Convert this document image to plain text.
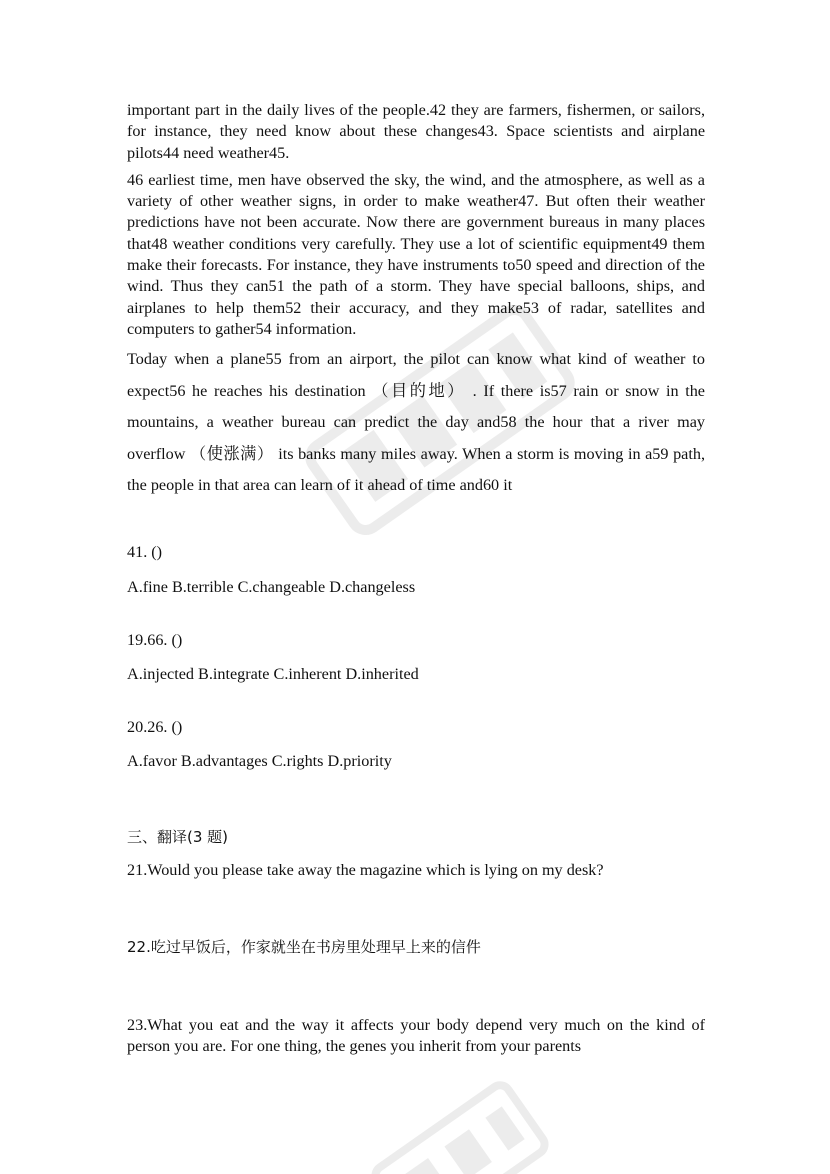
important part in the daily lives of the people.42 they are farmers, fishermen, or sailors, for instance, they need know about these changes43. Space scientists and airplane pilots44 need weather45.

46 earliest time, men have observed the sky, the wind, and the atmosphere, as well as a variety of other weather signs, in order to make weather47. But often their weather predictions have not been accurate. Now there are government bureaus in many places that48 weather conditions very carefully. They use a lot of scientific equipment49 them make their forecasts. For instance, they have instruments to50 speed and direction of the wind. Thus they can51 the path of a storm. They have special balloons, ships, and airplanes to help them52 their accuracy, and they make53 of radar, satellites and computers to gather54 information.

Today when a plane55 from an airport, the pilot can know what kind of weather to expect56 he reaches his destination （目的地） . If there is57 rain or snow in the mountains, a weather bureau can predict the day and58 the hour that a river may overflow （使涨满） its banks many miles away. When a storm is moving in a59 path, the people in that area can learn of it ahead of time and60 it

41. ()

A.fine B.terrible C.changeable D.changeless

19.66. ()

A.injected B.integrate C.inherent D.inherited

20.26. ()

A.favor B.advantages C.rights D.priority

三、翻译(3 题)

21.Would you please take away the magazine which is lying on my desk?

22.吃过早饭后，作家就坐在书房里处理早上来的信件

23.What you eat and the way it affects your body depend very much on the kind of person you are. For one thing, the genes you inherit from your parents
